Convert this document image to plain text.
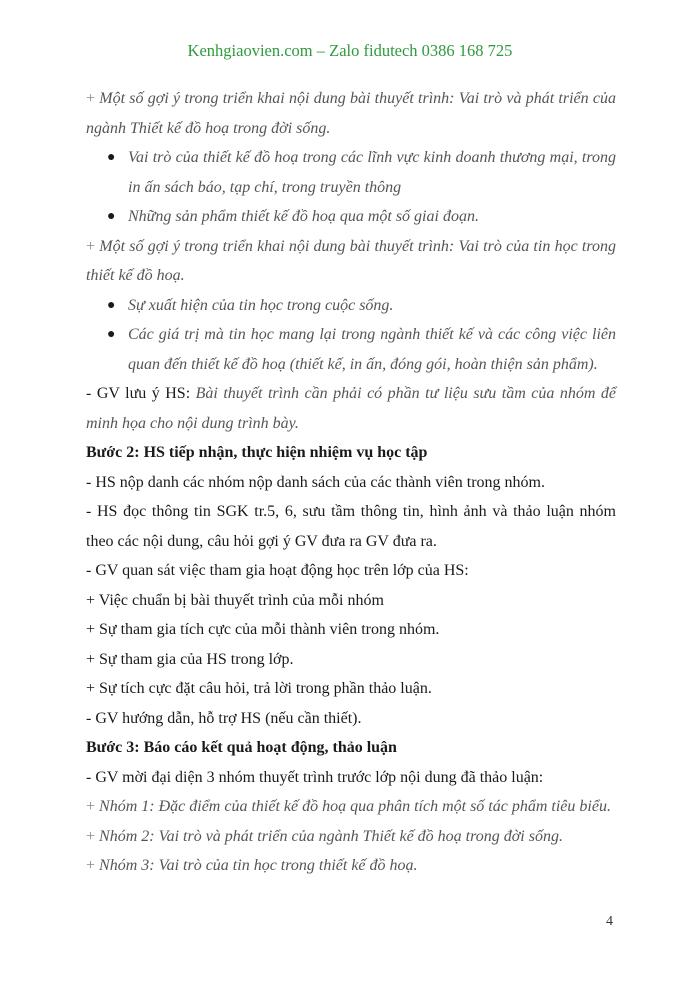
Kenhgiaovien.com – Zalo fidutech 0386 168 725

+ Một số gợi ý trong triển khai nội dung bài thuyết trình: Vai trò và phát triển của ngành Thiết kế đồ hoạ trong đời sống.

● Vai trò của thiết kế đồ hoạ trong các lĩnh vực kinh doanh thương mại, trong in ấn sách báo, tạp chí, trong truyền thông
● Những sản phẩm thiết kế đồ hoạ qua một số giai đoạn.

+ Một số gợi ý trong triển khai nội dung bài thuyết trình: Vai trò của tin học trong thiết kế đồ hoạ.

● Sự xuất hiện của tin học trong cuộc sống.
● Các giá trị mà tin học mang lại trong ngành thiết kế và các công việc liên quan đến thiết kế đồ hoạ (thiết kế, in ấn, đóng gói, hoàn thiện sản phẩm).

- GV lưu ý HS: Bài thuyết trình cần phải có phần tư liệu sưu tầm của nhóm để minh họa cho nội dung trình bày.

Bước 2: HS tiếp nhận, thực hiện nhiệm vụ học tập

- HS nộp danh các nhóm nộp danh sách của các thành viên trong nhóm.

- HS đọc thông tin SGK tr.5, 6, sưu tầm thông tin, hình ảnh và thảo luận nhóm theo các nội dung, câu hỏi gợi ý GV đưa ra GV đưa ra.

- GV quan sát việc tham gia hoạt động học trên lớp của HS:

+ Việc chuẩn bị bài thuyết trình của mỗi nhóm

+ Sự tham gia tích cực của mỗi thành viên trong nhóm.

+ Sự tham gia của HS trong lớp.

+ Sự tích cực đặt câu hỏi, trả lời trong phần thảo luận.

- GV hướng dẫn, hỗ trợ HS (nếu cần thiết).

Bước 3: Báo cáo kết quả hoạt động, thảo luận

- GV mời đại diện 3 nhóm thuyết trình trước lớp nội dung đã thảo luận:

+ Nhóm 1: Đặc điểm của thiết kế đồ hoạ qua phân tích một số tác phẩm tiêu biểu.

+ Nhóm 2: Vai trò và phát triển của ngành Thiết kế đồ hoạ trong đời sống.

+ Nhóm 3: Vai trò của tin học trong thiết kế đồ hoạ.

4
